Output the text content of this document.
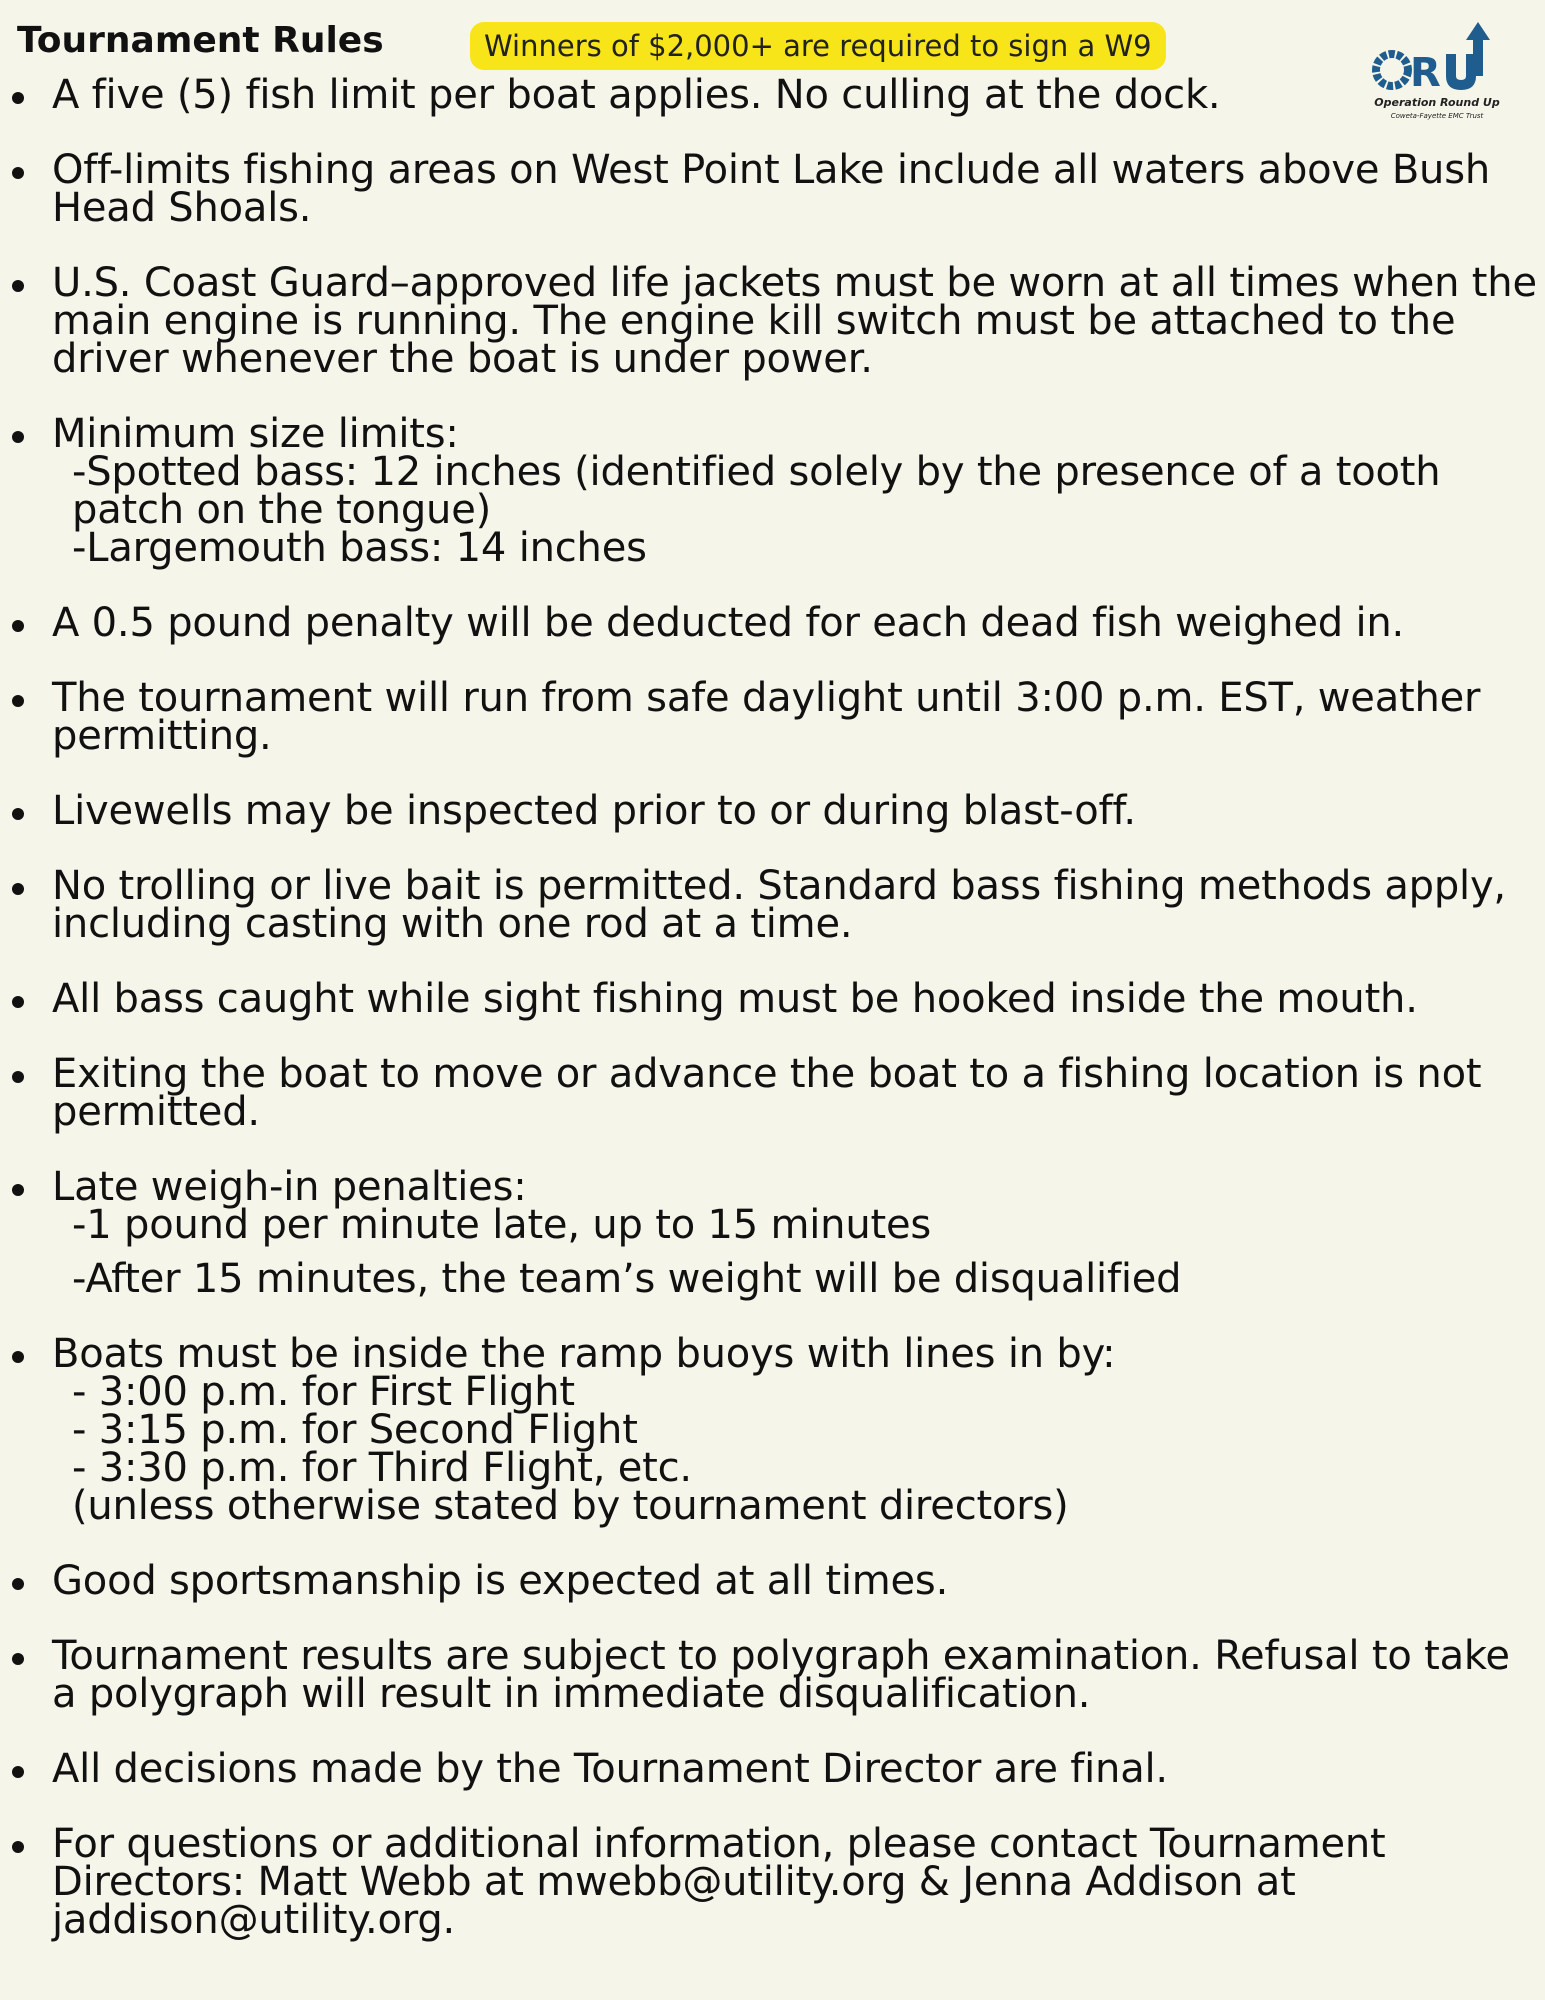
Tournament Rules	Winners of $2,000+ are required to sign a W9
R
Operation Round Up
Coweta-Fayette EMC Trust
A five (5) fish limit per boat applies. No culling at the dock.
Off-limits fishing areas on West Point Lake include all waters above Bush Head Shoals.
U.S. Coast Guard–approved life jackets must be worn at all times when the main engine is running. The engine kill switch must be attached to the driver whenever the boat is under power.
Minimum size limits:
-Spotted bass: 12 inches (identified solely by the presence of a tooth patch on the tongue)
-Largemouth bass: 14 inches
A 0.5 pound penalty will be deducted for each dead fish weighed in.
The tournament will run from safe daylight until 3:00 p.m. EST, weather permitting.
Livewells may be inspected prior to or during blast-off.
No trolling or live bait is permitted. Standard bass fishing methods apply, including casting with one rod at a time.
All bass caught while sight fishing must be hooked inside the mouth.
Exiting the boat to move or advance the boat to a fishing location is not permitted.
Late weigh-in penalties:
-1 pound per minute late, up to 15 minutes
-After 15 minutes, the team’s weight will be disqualified
Boats must be inside the ramp buoys with lines in by:
- 3:00 p.m. for First Flight
- 3:15 p.m. for Second Flight
- 3:30 p.m. for Third Flight, etc.
(unless otherwise stated by tournament directors)
Good sportsmanship is expected at all times.
Tournament results are subject to polygraph examination. Refusal to take a polygraph will result in immediate disqualification.
All decisions made by the Tournament Director are final.
For questions or additional information, please contact Tournament Directors: Matt Webb at mwebb@utility.org & Jenna Addison at jaddison@utility.org.
